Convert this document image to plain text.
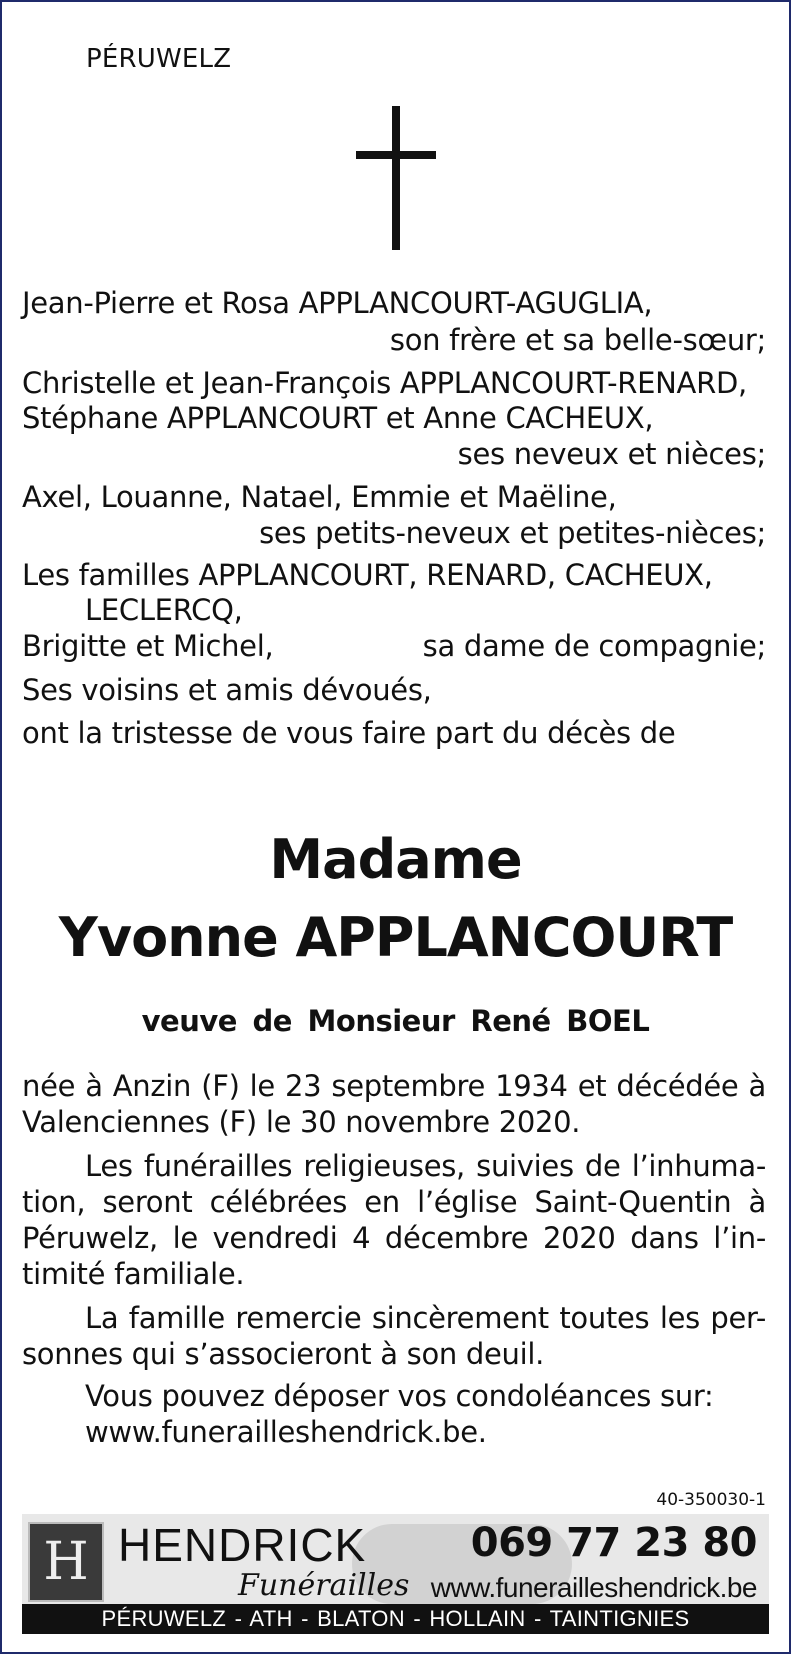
PÉRUWELZ
Jean-Pierre et Rosa APPLANCOURT-AGUGLIA,
son frère et sa belle-sœur;
Christelle et Jean-François APPLANCOURT-RENARD,
Stéphane APPLANCOURT et Anne CACHEUX,
ses neveux et nièces;
Axel, Louanne, Natael, Emmie et Maëline,
ses petits-neveux et petites-nièces;
Les familles APPLANCOURT, RENARD, CACHEUX,
LECLERCQ,
Brigitte et Michel,	sa dame de compagnie;
Ses voisins et amis dévoués,
ont la tristesse de vous faire part du décès de
Madame
Yvonne APPLANCOURT
veuve de Monsieur René BOEL
née à Anzin (F) le 23 septembre 1934 et décédée à
Valenciennes (F) le 30 novembre 2020.
Les funérailles religieuses, suivies de l’inhuma-
tion, seront célébrées en l’église Saint-Quentin à
Péruwelz, le vendredi 4 décembre 2020 dans l’in-
timité familiale.
La famille remercie sincèrement toutes les per-
sonnes qui s’associeront à son deuil.
Vous pouvez déposer vos condoléances sur:
www.funerailleshendrick.be.
40-350030-1
H HENDRICK
Funérailles
069 77 23 80
www.funerailleshendrick.be
PÉRUWELZ - ATH - BLATON - HOLLAIN - TAINTIGNIES
